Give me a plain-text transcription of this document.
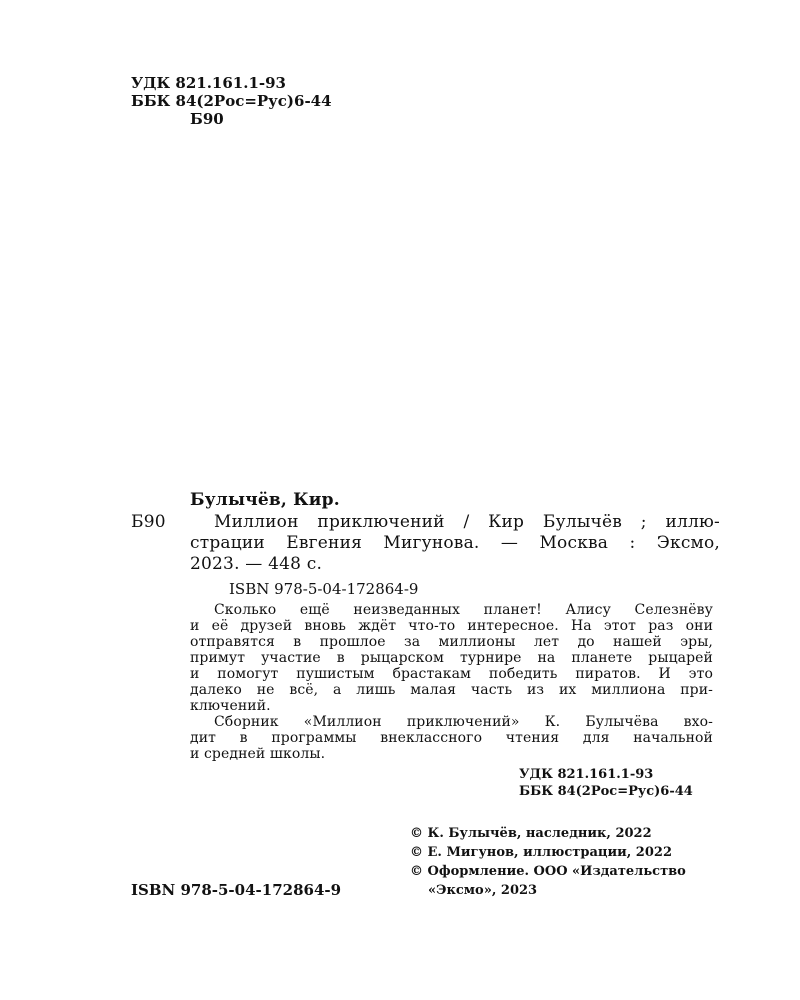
УДК 821.161.1-93
ББК 84(2Рос=Рус)6-44
Б90
Булычёв, Кир.
Б90	Миллион приключений / Кир Булычёв ; иллю-
страции Евгения Мигунова. — Москва : Эксмо,
2023. — 448 с.
ISBN 978-5-04-172864-9
Сколько ещё неизведанных планет! Алису Селезнёву
и её друзей вновь ждёт что-то интересное. На этот раз они
отправятся в прошлое за миллионы лет до нашей эры,
примут участие в рыцарском турнире на планете рыцарей
и помогут пушистым брастакам победить пиратов. И это
далеко не всё, а лишь малая часть из их миллиона при-
ключений.
Сборник «Миллион приключений» К. Булычёва вхо-
дит в программы внеклассного чтения для начальной
и средней школы.
УДК 821.161.1-93
ББК 84(2Рос=Рус)6-44
© К. Булычёв, наследник, 2022
© Е. Мигунов, иллюстрации, 2022
© Оформление. ООО «Издательство
«Эксмо», 2023
ISBN 978-5-04-172864-9
